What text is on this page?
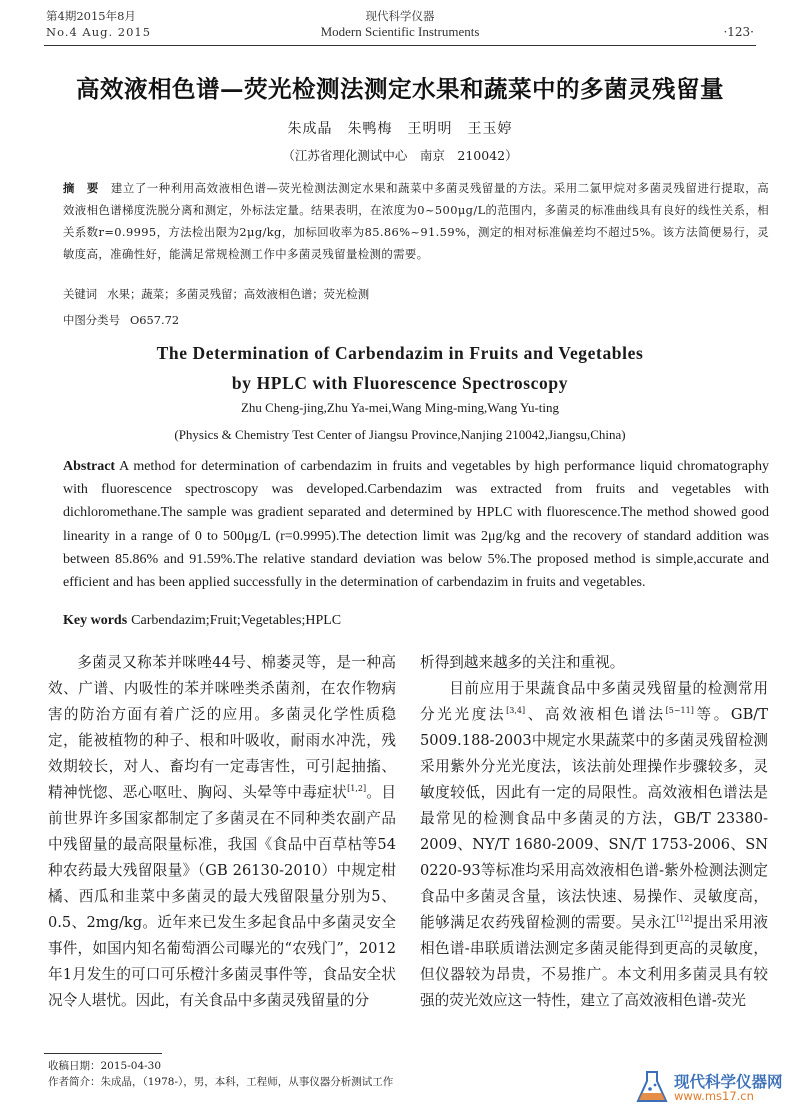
第4期2015年8月
No.4 Aug. 2015
现代科学仪器
Modern Scientific Instruments	·123·
高效液相色谱—荧光检测法测定水果和蔬菜中的多菌灵残留量
朱成晶　朱鸭梅　王明明　王玉婷
（江苏省理化测试中心　南京　210042）
摘　要 建立了一种利用高效液相色谱—荧光检测法测定水果和蔬菜中多菌灵残留量的方法。采用二氯甲烷对多菌灵残留进行提取，高效液相色谱梯度洗脱分离和测定，外标法定量。结果表明，在浓度为0~500μg/L的范围内，多菌灵的标准曲线具有良好的线性关系，相关系数r=0.9995，方法检出限为2μg/kg，加标回收率为85.86%~91.59%，测定的相对标准偏差均不超过5%。该方法简便易行，灵敏度高，准确性好，能满足常规检测工作中多菌灵残留量检测的需要。
关键词 水果；蔬菜；多菌灵残留；高效液相色谱；荧光检测
中图分类号 O657.72
The Determination of Carbendazim in Fruits and Vegetables
by HPLC with Fluorescence Spectroscopy
Zhu Cheng-jing,Zhu Ya-mei,Wang Ming-ming,Wang Yu-ting
(Physics & Chemistry Test Center of Jiangsu Province,Nanjing 210042,Jiangsu,China)
Abstract A method for determination of carbendazim in fruits and vegetables by high performance liquid chromatography with fluorescence spectroscopy was developed.Carbendazim was extracted from fruits and vegetables with dichloromethane.The sample was gradient separated and determined by HPLC with fluorescence.The method showed good linearity in a range of 0 to 500μg/L (r=0.9995).The detection limit was 2μg/kg and the recovery of standard addition was between 85.86% and 91.59%.The relative standard deviation was below 5%.The proposed method is simple,accurate and efficient and has been applied successfully in the determination of carbendazim in fruits and vegetables.
Key words Carbendazim;Fruit;Vegetables;HPLC

多菌灵又称苯并咪唑44号、棉萎灵等，是一种高效、广谱、内吸性的苯并咪唑类杀菌剂，在农作物病害的防治方面有着广泛的应用。多菌灵化学性质稳定，能被植物的种子、根和叶吸收，耐雨水冲洗，残效期较长，对人、畜均有一定毒害性，可引起抽搐、精神恍惚、恶心呕吐、胸闷、头晕等中毒症状[1,2]。目前世界许多国家都制定了多菌灵在不同种类农副产品中残留量的最高限量标准，我国《食品中百草枯等54种农药最大残留限量》（GB 26130-2010）中规定柑橘、西瓜和韭菜中多菌灵的最大残留限量分别为5、0.5、2mg/kg。近年来已发生多起食品中多菌灵安全事件，如国内知名葡萄酒公司曝光的“农残门”，2012年1月发生的可口可乐橙汁多菌灵事件等，食品安全状况令人堪忧。因此，有关食品中多菌灵残留量的分

析得到越来越多的关注和重视。

目前应用于果蔬食品中多菌灵残留量的检测常用分光光度法[3,4]、高效液相色谱法[5~11]等。GB/T 5009.188-2003中规定水果蔬菜中的多菌灵残留检测采用紫外分光光度法，该法前处理操作步骤较多，灵敏度较低，因此有一定的局限性。高效液相色谱法是最常见的检测食品中多菌灵的方法，GB/T 23380-2009、NY/T 1680-2009、SN/T 1753-2006、SN 0220-93等标准均采用高效液相色谱-紫外检测法测定食品中多菌灵含量，该法快速、易操作、灵敏度高，能够满足农药残留检测的需要。吴永江[12]提出采用液相色谱-串联质谱法测定多菌灵能得到更高的灵敏度，但仪器较为昂贵，不易推广。本文利用多菌灵具有较强的荧光效应这一特性，建立了高效液相色谱-荧光

收稿日期：2015-04-30
作者简介：朱成晶，（1978-），男，本科，工程师，从事仪器分析测试工作	现代科学仪器网
www.ms17.cn
